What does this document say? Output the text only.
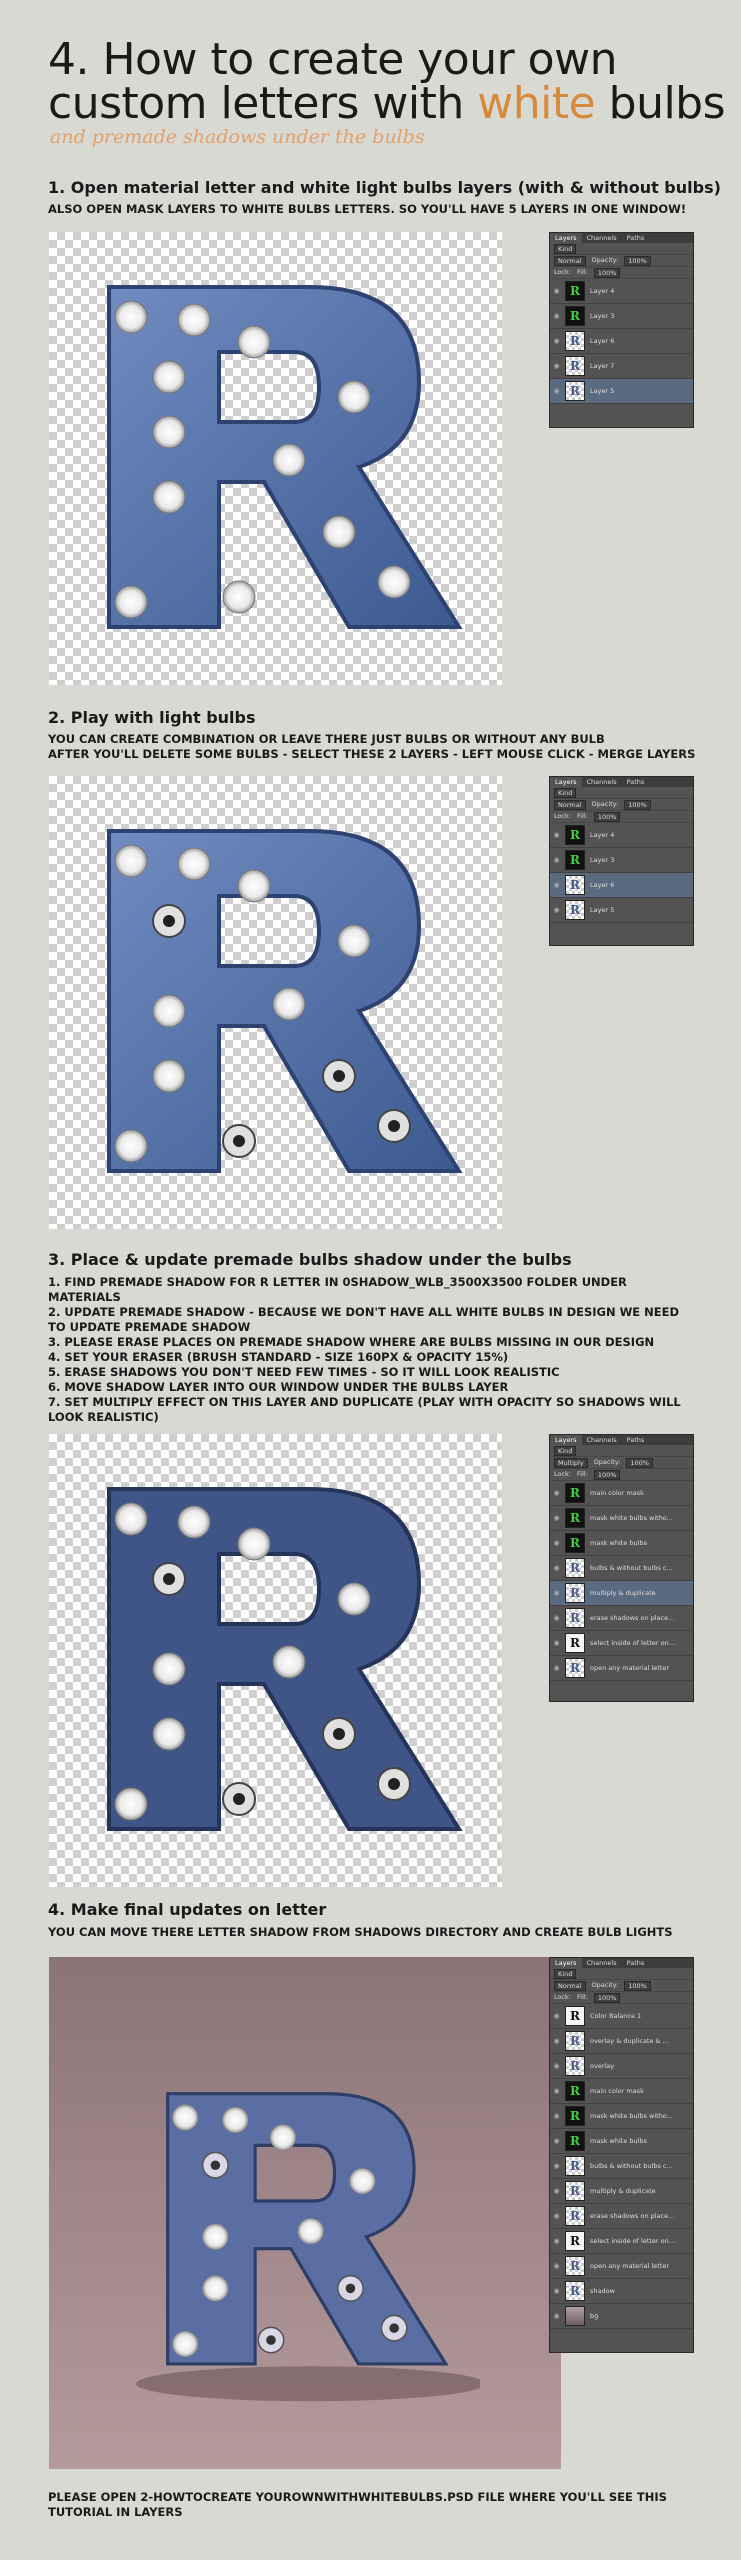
4. How to create your own
custom letters with white bulbs
and premade shadows under the bulbs
1. Open material letter and white light bulbs layers (with & without bulbs)
ALSO OPEN MASK LAYERS TO WHITE BULBS LETTERS. SO YOU'LL HAVE 5 LAYERS IN ONE WINDOW!
Layers	Channels	Paths
Kind
Normal	Opacity:	100%
Lock: Fill:	100%
◉ R	Layer 4
◉ R	Layer 3
◉ R	Layer 6
◉ R	Layer 7
◉ R	Layer 5
2. Play with light bulbs
YOU CAN CREATE COMBINATION OR LEAVE THERE JUST BULBS OR WITHOUT ANY BULB
AFTER YOU'LL DELETE SOME BULBS - SELECT THESE 2 LAYERS - LEFT MOUSE CLICK - MERGE LAYERS
Layers	Channels	Paths
Kind
Normal	Opacity:	100%
Lock: Fill:	100%
◉ R	Layer 4
◉ R	Layer 3
◉ R	Layer 6
◉ R	Layer 5
3. Place & update premade bulbs shadow under the bulbs
1. FIND PREMADE SHADOW FOR R LETTER IN 0SHADOW_WLB_3500X3500 FOLDER UNDER MATERIALS
2. UPDATE PREMADE SHADOW - BECAUSE WE DON'T HAVE ALL WHITE BULBS IN DESIGN WE NEED TO UPDATE PREMADE SHADOW
3. PLEASE ERASE PLACES ON PREMADE SHADOW WHERE ARE BULBS MISSING IN OUR DESIGN
4. SET YOUR ERASER (BRUSH STANDARD - SIZE 160PX & OPACITY 15%)
5. ERASE SHADOWS YOU DON'T NEED FEW TIMES - SO IT WILL LOOK REALISTIC
6. MOVE SHADOW LAYER INTO OUR WINDOW UNDER THE BULBS LAYER
7. SET MULTIPLY EFFECT ON THIS LAYER AND DUPLICATE (PLAY WITH OPACITY SO SHADOWS WILL LOOK REALISTIC)
Layers	Channels	Paths
Kind
Multiply	Opacity:	100%
Lock: Fill:	100%
◉ R	main color mask
◉ R	mask white bulbs witho...
◉ R	mask white bulbs
◉ R	bulbs & without bulbs c...
◉ R	multiply & duplicate
◉ R	erase shadows on place...
◉ R	select inside of letter on...
◉ R	open any material letter
4. Make final updates on letter
YOU CAN MOVE THERE LETTER SHADOW FROM SHADOWS DIRECTORY AND CREATE BULB LIGHTS
Layers	Channels	Paths
Kind
Normal	Opacity:	100%
Lock: Fill:	100%
◉ R	Color Balance 1
◉ R	overlay & duplicate & ...
◉ R	overlay
◉ R	main color mask
◉ R	mask white bulbs witho...
◉ R	mask white bulbs
◉ R	bulbs & without bulbs c...
◉ R	multiply & duplicate
◉ R	erase shadows on place...
◉ R	select inside of letter on...
◉ R	open any material letter
◉ R	shadow
◉	bg
PLEASE OPEN 2-HOWTOCREATE YOUROWNWITHWHITEBULBS.PSD FILE WHERE YOU'LL SEE THIS TUTORIAL IN LAYERS
